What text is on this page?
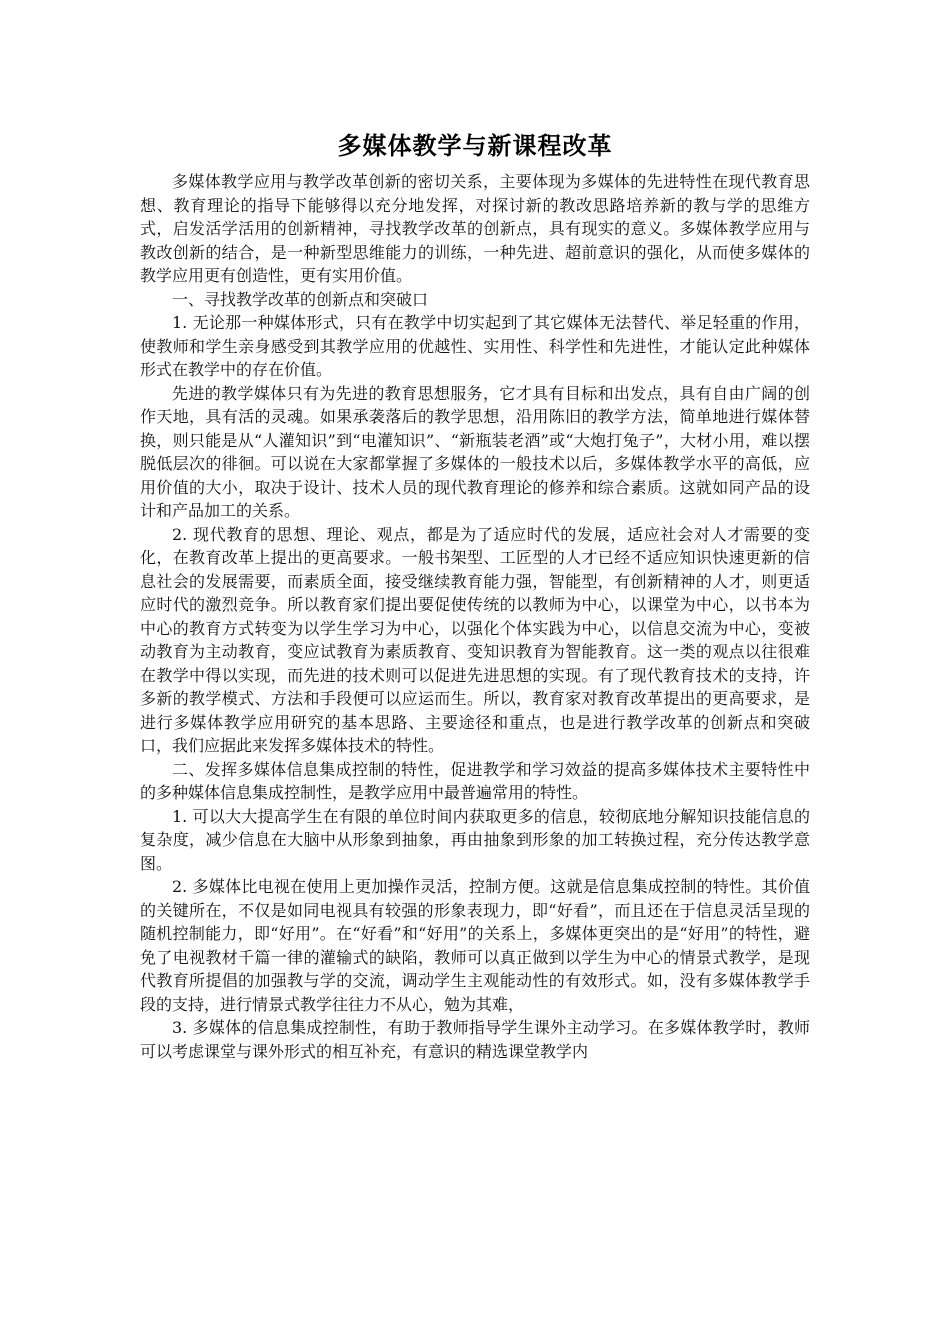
多媒体教学与新课程改革

多媒体教学应用与教学改革创新的密切关系，主要体现为多媒体的先进特性在现代教育思想、教育理论的指导下能够得以充分地发挥，对探讨新的教改思路培养新的教与学的思维方式，启发活学活用的创新精神，寻找教学改革的创新点，具有现实的意义。多媒体教学应用与教改创新的结合，是一种新型思维能力的训练，一种先进、超前意识的强化，从而使多媒体的教学应用更有创造性，更有实用价值。

一、寻找教学改革的创新点和突破口

1. 无论那一种媒体形式，只有在教学中切实起到了其它媒体无法替代、举足轻重的作用，使教师和学生亲身感受到其教学应用的优越性、实用性、科学性和先进性，才能认定此种媒体形式在教学中的存在价值。

先进的教学媒体只有为先进的教育思想服务，它才具有目标和出发点，具有自由广阔的创作天地，具有活的灵魂。如果承袭落后的教学思想，沿用陈旧的教学方法，简单地进行媒体替换，则只能是从“人灌知识”到“电灌知识”、“新瓶装老酒”或“大炮打兔子”，大材小用，难以摆脱低层次的徘徊。可以说在大家都掌握了多媒体的一般技术以后，多媒体教学水平的高低，应用价值的大小，取决于设计、技术人员的现代教育理论的修养和综合素质。这就如同产品的设计和产品加工的关系。

2. 现代教育的思想、理论、观点，都是为了适应时代的发展，适应社会对人才需要的变化，在教育改革上提出的更高要求。一般书架型、工匠型的人才已经不适应知识快速更新的信息社会的发展需要，而素质全面，接受继续教育能力强，智能型，有创新精神的人才，则更适应时代的激烈竞争。所以教育家们提出要促使传统的以教师为中心，以课堂为中心，以书本为中心的教育方式转变为以学生学习为中心，以强化个体实践为中心，以信息交流为中心，变被动教育为主动教育，变应试教育为素质教育、变知识教育为智能教育。这一类的观点以往很难在教学中得以实现，而先进的技术则可以促进先进思想的实现。有了现代教育技术的支持，许多新的教学模式、方法和手段便可以应运而生。所以，教育家对教育改革提出的更高要求，是进行多媒体教学应用研究的基本思路、主要途径和重点，也是进行教学改革的创新点和突破口，我们应据此来发挥多媒体技术的特性。

二、发挥多媒体信息集成控制的特性，促进教学和学习效益的提高多媒体技术主要特性中的多种媒体信息集成控制性，是教学应用中最普遍常用的特性。

1. 可以大大提高学生在有限的单位时间内获取更多的信息，较彻底地分解知识技能信息的复杂度，减少信息在大脑中从形象到抽象，再由抽象到形象的加工转换过程，充分传达教学意图。

2. 多媒体比电视在使用上更加操作灵活，控制方便。这就是信息集成控制的特性。其价值的关键所在，不仅是如同电视具有较强的形象表现力，即“好看”，而且还在于信息灵活呈现的随机控制能力，即“好用”。在“好看”和“好用”的关系上，多媒体更突出的是“好用”的特性，避免了电视教材千篇一律的灌输式的缺陷，教师可以真正做到以学生为中心的情景式教学，是现代教育所提倡的加强教与学的交流，调动学生主观能动性的有效形式。如，没有多媒体教学手段的支持，进行情景式教学往往力不从心，勉为其难，

3. 多媒体的信息集成控制性，有助于教师指导学生课外主动学习。在多媒体教学时，教师可以考虑课堂与课外形式的相互补充，有意识的精选课堂教学内
